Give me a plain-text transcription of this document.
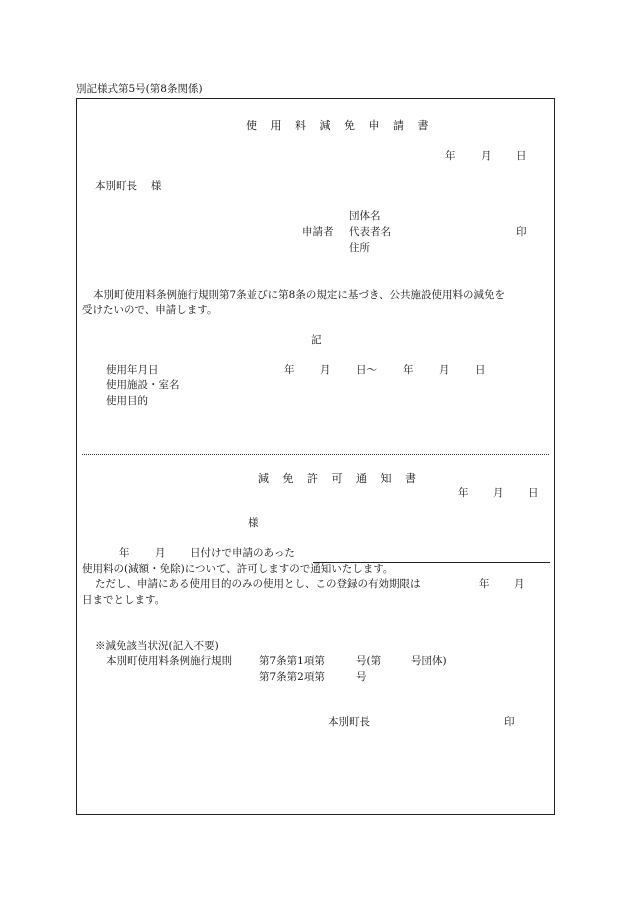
別記様式第5号(第8条関係)
使 用 料 減 免 申 請 書
年 月 日
本別町長　 様
団体名
申請者 代表者名	印
住所
本別町使用料条例施行規則第7条並びに第8条の規定に基づき、公共施設使用料の減免を
受けたいので、申請します。
記
使用年月日	年 月 日〜 年 月 日
使用施設・室名
使用目的
減 免 許 可 通 知 書
年 月 日
様
年 月 日付けで申請のあった
使用料の(減額・免除)について、許可しますので通知いたします。
ただし、申請にある使用目的のみの使用とし、この登録の有効期限は	年 月
日までとします。
※減免該当状況(記入不要)
本別町使用料条例施行規則	第7条第1項第	号(第	号団体)
第7条第2項第	号
本別町長	印
